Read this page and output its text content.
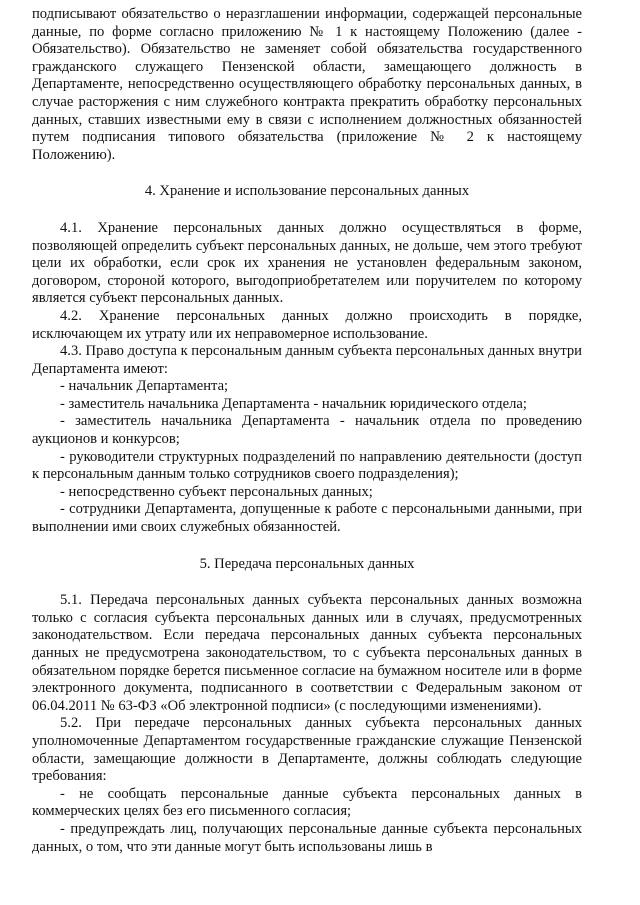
подписывают обязательство о неразглашении информации, содержащей персональные данные, по форме согласно приложению № 1 к настоящему Положению (далее - Обязательство). Обязательство не заменяет собой обязательства государственного гражданского служащего Пензенской области, замещающего должность в Департаменте, непосредственно осуществляющего обработку персональных данных, в случае расторжения с ним служебного контракта прекратить обработку персональных данных, ставших известными ему в связи с исполнением должностных обязанностей путем подписания типового обязательства (приложение № 2 к настоящему Положению).

4. Хранение и использование персональных данных

4.1. Хранение персональных данных должно осуществляться в форме, позволяющей определить субъект персональных данных, не дольше, чем этого требуют цели их обработки, если срок их хранения не установлен федеральным законом, договором, стороной которого, выгодоприобретателем или поручителем по которому является субъект персональных данных.

4.2. Хранение персональных данных должно происходить в порядке, исключающем их утрату или их неправомерное использование.

4.3. Право доступа к персональным данным субъекта персональных данных внутри Департамента имеют:

- начальник Департамента;

- заместитель начальника Департамента - начальник юридического отдела;

- заместитель начальника Департамента - начальник отдела по проведению аукционов и конкурсов;

- руководители структурных подразделений по направлению деятельности (доступ к персональным данным только сотрудников своего подразделения);

- непосредственно субъект персональных данных;

- сотрудники Департамента, допущенные к работе с персональными данными, при выполнении ими своих служебных обязанностей.

5. Передача персональных данных

5.1. Передача персональных данных субъекта персональных данных возможна только с согласия субъекта персональных данных или в случаях, предусмотренных законодательством. Если передача персональных данных субъекта персональных данных не предусмотрена законодательством, то с субъекта персональных данных в обязательном порядке берется письменное согласие на бумажном носителе или в форме электронного документа, подписанного в соответствии с Федеральным законом от 06.04.2011 № 63-ФЗ «Об электронной подписи» (с последующими изменениями).

5.2. При передаче персональных данных субъекта персональных данных уполномоченные Департаментом государственные гражданские служащие Пензенской области, замещающие должности в Департаменте, должны соблюдать следующие требования:

- не сообщать персональные данные субъекта персональных данных в коммерческих целях без его письменного согласия;

- предупреждать лиц, получающих персональные данные субъекта персональных данных, о том, что эти данные могут быть использованы лишь в
